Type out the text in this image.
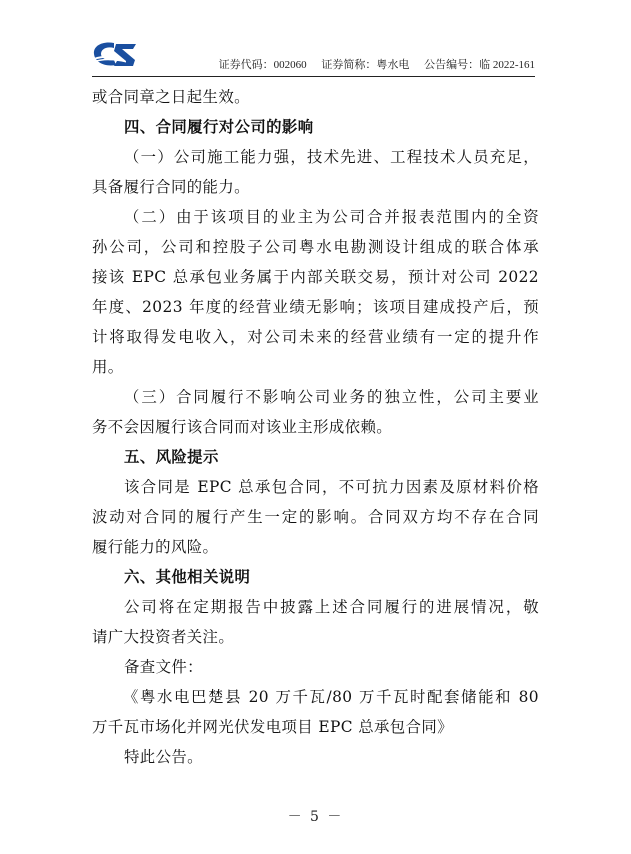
证券代码：002060 证券简称：粤水电 公告编号：临 2022-161
或合同章之日起生效。
四、合同履行对公司的影响
（一）公司施工能力强，技术先进、工程技术人员充足，
具备履行合同的能力。
（二）由于该项目的业主为公司合并报表范围内的全资
孙公司，公司和控股子公司粤水电勘测设计组成的联合体承
接该 EPC 总承包业务属于内部关联交易，预计对公司 2022
年度、2023 年度的经营业绩无影响；该项目建成投产后，预
计将取得发电收入，对公司未来的经营业绩有一定的提升作
用。
（三）合同履行不影响公司业务的独立性，公司主要业
务不会因履行该合同而对该业主形成依赖。
五、风险提示
该合同是 EPC 总承包合同，不可抗力因素及原材料价格
波动对合同的履行产生一定的影响。合同双方均不存在合同
履行能力的风险。
六、其他相关说明
公司将在定期报告中披露上述合同履行的进展情况，敬
请广大投资者关注。
备查文件：
《粤水电巴楚县 20 万千瓦/80 万千瓦时配套储能和 80
万千瓦市场化并网光伏发电项目 EPC 总承包合同》
特此公告。
－ 5 －
